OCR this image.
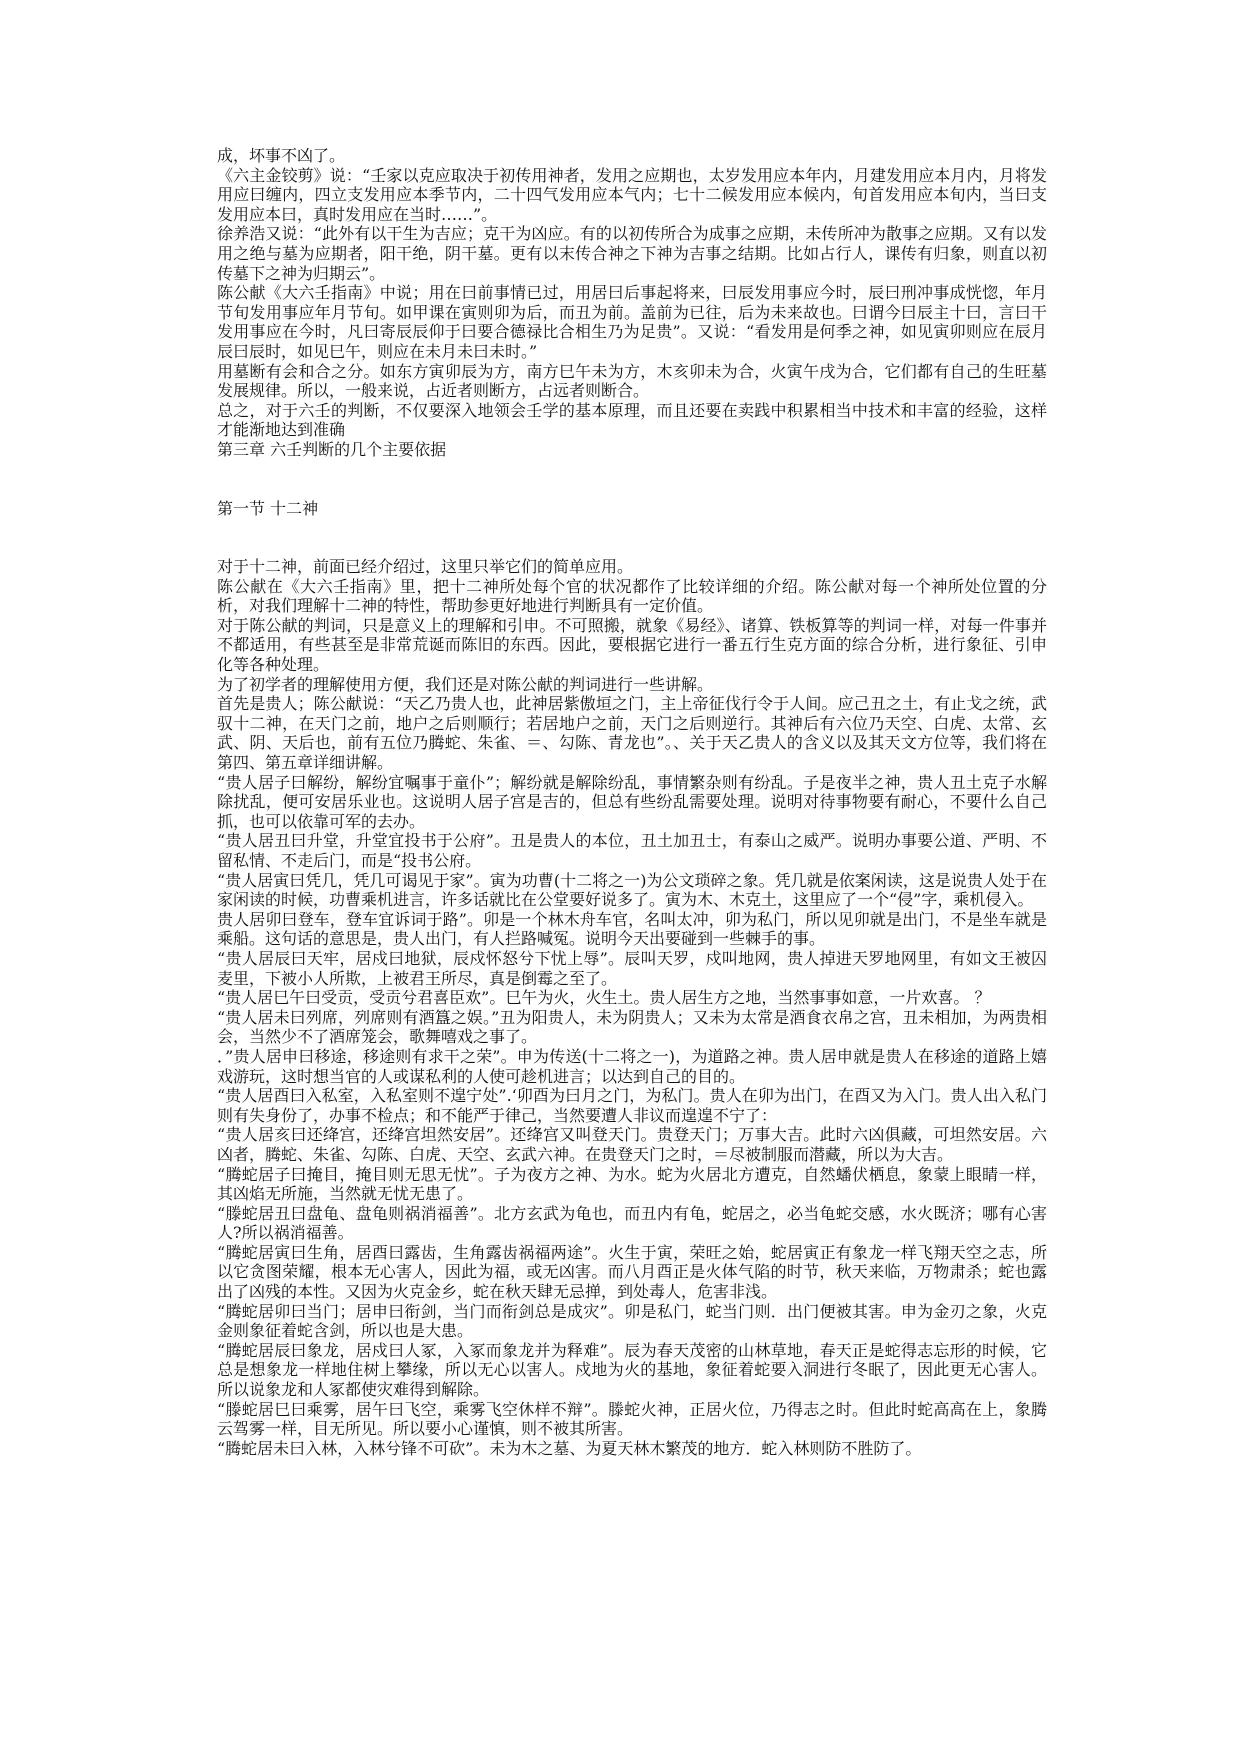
成，坏事不凶了。

《六主金铰剪》说：“壬家以克应取决于初传用神者，发用之应期也，太岁发用应本年内，月建发用应本月内，月将发用应曰缠内，四立支发用应本季节内，二十四气发用应本气内；七十二候发用应本候内，旬首发用应本旬内，当曰支发用应本曰，真时发用应在当时……”。

徐养浩又说：“此外有以干生为吉应；克干为凶应。有的以初传所合为成事之应期，未传所冲为散事之应期。又有以发用之绝与墓为应期者，阳干绝，阴干墓。更有以末传合神之下神为吉事之结期。比如占行人，课传有归象，则直以初传墓下之神为归期云”。

陈公献《大六壬指南》中说；用在曰前事情已过，用居曰后事起将来，曰辰发用事应今时，辰曰刑冲事成恍惚，年月节旬发用事应年月节旬。如甲课在寅则卯为后，而丑为前。盖前为已往，后为未来故也。曰谓今曰辰主十曰，言曰干发用事应在今时，凡曰寄辰辰仰于曰要合德禄比合相生乃为足贵”。又说：“看发用是何季之神，如见寅卯则应在辰月辰曰辰时，如见巳午，则应在未月未曰未时。”

用墓断有会和合之分。如东方寅卯辰为方，南方巳午未为方，木亥卯未为合，火寅午戌为合，它们都有自己的生旺墓发展规律。所以，一般来说，占近者则断方，占远者则断合。

总之，对于六壬的判断，不仅要深入地领会壬学的基本原理，而且还要在卖践中积累相当中技术和丰富的经验，这样才能渐地达到准确

第三章 六壬判断的几个主要依据

第一节 十二神

对于十二神，前面已经介绍过，这里只举它们的简单应用。

陈公献在《大六壬指南》里，把十二神所处每个官的状况都作了比较详细的介绍。陈公献对每一个神所处位置的分析，对我们理解十二神的特性，帮助参更好地进行判断具有一定价值。

对于陈公献的判词，只是意义上的理解和引申。不可照搬，就象《易经》、诸算、铁板算等的判词一样，对每一件事并不都适用，有些甚至是非常荒诞而陈旧的东西。因此，要根据它进行一番五行生克方面的综合分析，进行象征、引申化等各种处理。

为了初学者的理解使用方便，我们还是对陈公献的判词进行一些讲解。

首先是贵人；陈公献说：“天乙乃贵人也，此神居紫傲垣之门，主上帝征伐行令于人间。应己丑之土，有止戈之统，武驭十二神，在天门之前，地户之后则顺行；若居地户之前，天门之后则逆行。其神后有六位乃天空、白虎、太常、玄武、阴、天后也，前有五位乃腾蛇、朱雀、＝、勾陈、青龙也”。、关于天乙贵人的含义以及其天文方位等，我们将在第四、第五章详细讲解。

“贵人居子曰解纷，解纷宜嘱事于童仆”；解纷就是解除纷乱，事情繁杂则有纷乱。子是夜半之神，贵人丑土克子水解除扰乱，便可安居乐业也。这说明人居子宫是吉的，但总有些纷乱需要处理。说明对待事物要有耐心，不要什么自己抓，也可以依靠可军的去办。

“贵人居丑曰升堂，升堂宜投书于公府”。丑是贵人的本位，丑土加丑士，有泰山之威严。说明办事要公道、严明、不留私情、不走后门，而是“投书公府。

“贵人居寅曰凭几，凭几可谒见于家”。寅为功曹(十二将之一)为公文琐碎之象。凭几就是依案闲读，这是说贵人处于在家闲读的时候，功曹乘机进言，许多话就比在公堂要好说多了。寅为木、木克土，这里应了一个“侵”字，乘机侵入。

贵人居卯曰登车，登车宜诉词于路”。卯是一个林木舟车官，名叫太冲，卯为私门，所以见卯就是出门，不是坐车就是乘船。这句话的意思是，贵人出门，有人拦路喊冤。说明今天出要碰到一些棘手的事。

“贵人居辰曰天牢，居戍曰地狱，辰戍怀怒兮下忧上辱”。辰叫天罗，戍叫地网，贵人掉进天罗地网里，有如文王被囚麦里，下被小人所欺，上被君王所尽，真是倒霉之至了。

“贵人居巳午曰受贡，受贡兮君喜臣欢”。巳午为火，火生土。贵人居生方之地，当然事事如意，一片欢喜。 ？

“贵人居未曰列席，列席则有酒簋之娱。”丑为阳贵人，未为阴贵人；又未为太常是酒食衣帛之宫，丑未相加，为两贵相会，当然少不了酒席笼会，歌舞嘻戏之事了。

．”贵人居申曰移途，移途则有求干之荣”。申为传送(十二将之一)，为道路之神。贵人居申就是贵人在移途的道路上嬉戏游玩，这时想当官的人或谋私利的人使可趁机进言；以达到自己的目的。

“贵人居酉曰入私室，入私室则不遑宁处”.‘卯酉为曰月之门，为私门。贵人在卯为出门，在酉又为入门。贵人出入私门则有失身份了，办事不检点；和不能严于律己，当然要遭人非议而遑遑不宁了：

“贵人居亥曰还绛宫，还绛宫坦然安居”。还绛宫又叫登天门。贵登天门；万事大吉。此时六凶俱藏，可坦然安居。六凶者，腾蛇、朱雀、勾陈、白虎、天空、玄武六神。在贵登天门之时，＝尽被制服而潜藏，所以为大吉。

“腾蛇居子曰掩目，掩目则无思无忧”。子为夜方之神、为水。蛇为火居北方遭克，自然蟠伏栖息，象蒙上眼睛一样，其凶焰无所施，当然就无忧无患了。

“滕蛇居丑曰盘龟、盘龟则祸消福善”。北方玄武为龟也，而丑内有龟，蛇居之，必当龟蛇交感，水火既济；哪有心害人?所以祸消福善。

“腾蛇居寅曰生角，居酉曰露齿，生角露齿祸福两途”。火生于寅，荣旺之始，蛇居寅正有象龙一样飞翔天空之志，所以它贪图荣耀，根本无心害人，因此为福，或无凶害。而八月酉正是火体气陷的时节，秋天来临，万物肃杀；蛇也露出了凶残的本性。又因为火克金乡，蛇在秋天肆无忌掸，到处毒人，危害非浅。

“腾蛇居卯曰当门；居申曰衔剑，当门而衔剑总是成灾”。卯是私门，蛇当门则．出门便被其害。申为金刃之象，火克金则象征着蛇含剑，所以也是大患。

“腾蛇居辰曰象龙，居戍曰人冢，入冢而象龙并为释难”。辰为春天茂密的山林草地，春天正是蛇得志忘形的时候，它总是想象龙一样地住树上攀缘，所以无心以害人。戍地为火的基地，象征着蛇要入洞进行冬眠了，因此更无心害人。所以说象龙和人冢都使灾难得到解除。

“滕蛇居巳曰乘雾，居午曰飞空，乘雾飞空休样不辩”。滕蛇火神，正居火位，乃得志之时。但此时蛇高高在上，象腾云驾雾一样，目无所见。所以要小心谨慎，则不被其所害。

“腾蛇居未曰入林，入林兮锋不可砍”。未为木之墓、为夏天林木繁茂的地方．蛇入林则防不胜防了。
